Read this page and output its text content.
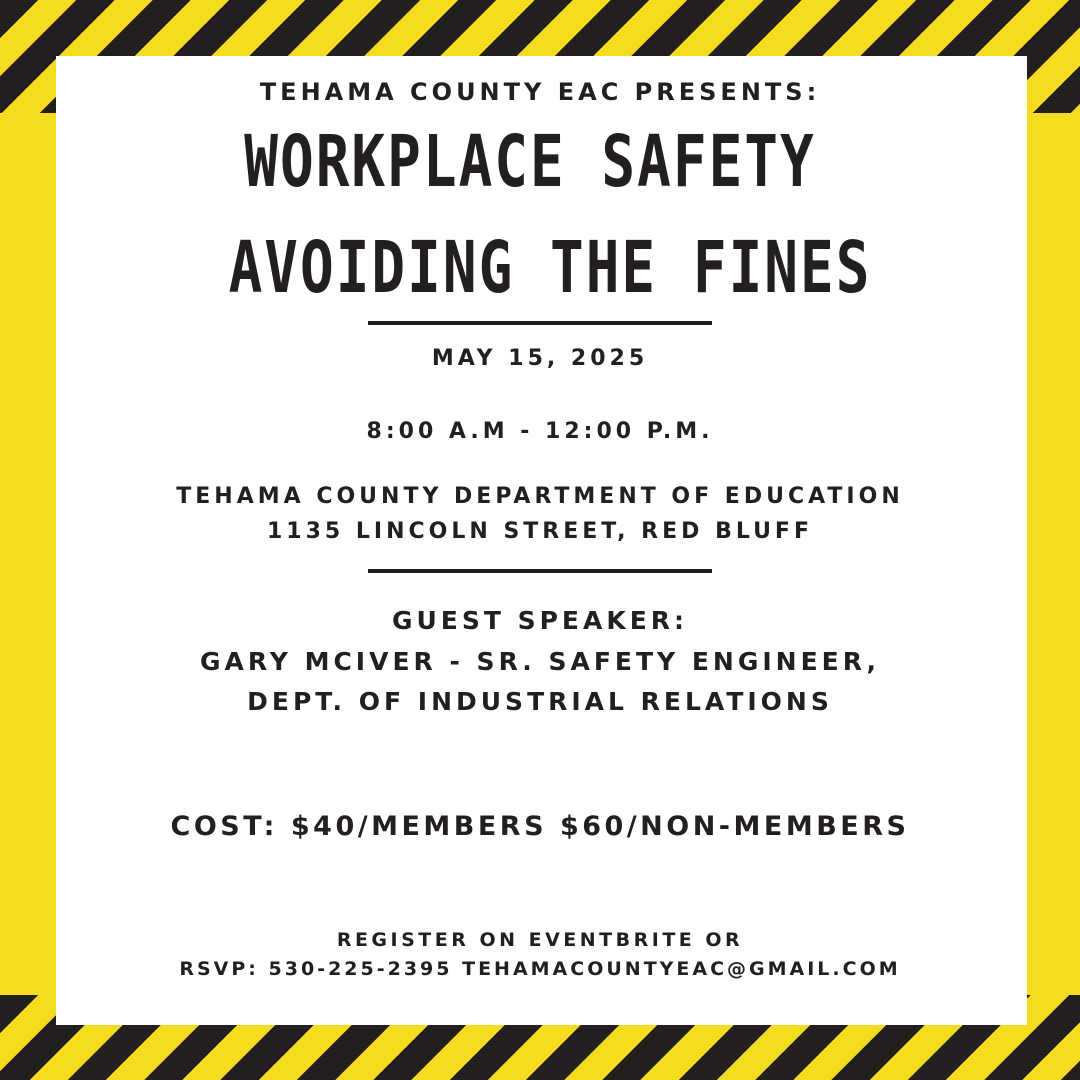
TEHAMA COUNTY EAC PRESENTS:
WORKPLACE SAFETY
AVOIDING THE FINES
MAY 15, 2025
8:00 A.M - 12:00 P.M.
TEHAMA COUNTY DEPARTMENT OF EDUCATION
1135 LINCOLN STREET, RED BLUFF
GUEST SPEAKER:
GARY MCIVER - SR. SAFETY ENGINEER,
DEPT. OF INDUSTRIAL RELATIONS
COST: $40/MEMBERS $60/NON-MEMBERS
REGISTER ON EVENTBRITE OR
RSVP: 530-225-2395 TEHAMACOUNTYEAC@GMAIL.COM
